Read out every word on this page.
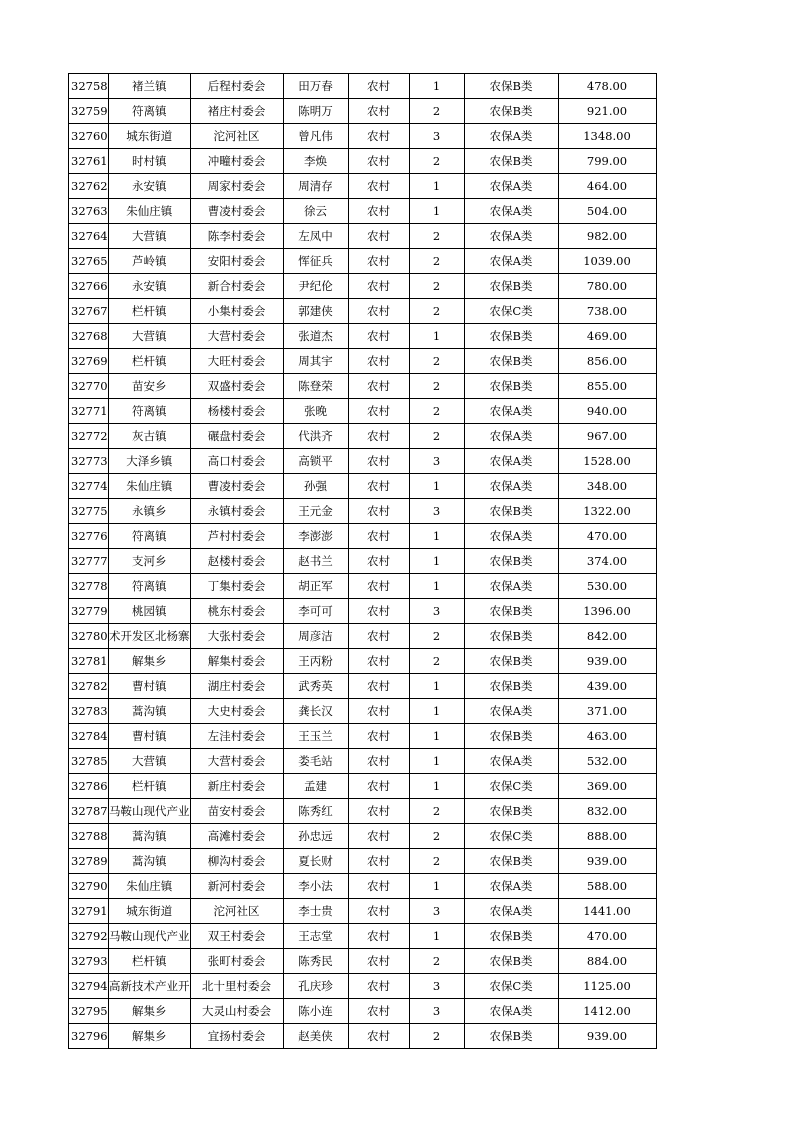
32758	褚兰镇	后程村委会	田万春	农村	1	农保B类	478.00
32759	符离镇	褚庄村委会	陈明万	农村	2	农保B类	921.00
32760	城东街道	沱河社区	曾凡伟	农村	3	农保A类	1348.00
32761	时村镇	冲疃村委会	李焕	农村	2	农保B类	799.00
32762	永安镇	周家村委会	周清存	农村	1	农保A类	464.00
32763	朱仙庄镇	曹凌村委会	徐云	农村	1	农保A类	504.00
32764	大营镇	陈李村委会	左凤中	农村	2	农保A类	982.00
32765	芦岭镇	安阳村委会	恽征兵	农村	2	农保A类	1039.00
32766	永安镇	新合村委会	尹纪伦	农村	2	农保B类	780.00
32767	栏杆镇	小集村委会	郭建侠	农村	2	农保C类	738.00
32768	大营镇	大营村委会	张道杰	农村	1	农保B类	469.00
32769	栏杆镇	大旺村委会	周其宇	农村	2	农保B类	856.00
32770	苗安乡	双盛村委会	陈登荣	农村	2	农保B类	855.00
32771	符离镇	杨楼村委会	张晚	农村	2	农保A类	940.00
32772	灰古镇	碾盘村委会	代洪齐	农村	2	农保A类	967.00
32773	大泽乡镇	高口村委会	高锁平	农村	3	农保A类	1528.00
32774	朱仙庄镇	曹凌村委会	孙强	农村	1	农保A类	348.00
32775	永镇乡	永镇村委会	王元金	农村	3	农保B类	1322.00
32776	符离镇	芦村村委会	李澎澎	农村	1	农保A类	470.00
32777	支河乡	赵楼村委会	赵书兰	农村	1	农保B类	374.00
32778	符离镇	丁集村委会	胡正军	农村	1	农保A类	530.00
32779	桃园镇	桃东村委会	李可可	农村	3	农保B类	1396.00
32780	术开发区北杨寨	大张村委会	周彦洁	农村	2	农保B类	842.00
32781	解集乡	解集村委会	王丙粉	农村	2	农保B类	939.00
32782	曹村镇	湖庄村委会	武秀英	农村	1	农保B类	439.00
32783	蒿沟镇	大史村委会	龚长汉	农村	1	农保A类	371.00
32784	曹村镇	左洼村委会	王玉兰	农村	1	农保B类	463.00
32785	大营镇	大营村委会	娄毛站	农村	1	农保A类	532.00
32786	栏杆镇	新庄村委会	孟建	农村	1	农保C类	369.00
32787	马鞍山现代产业	苗安村委会	陈秀红	农村	2	农保B类	832.00
32788	蒿沟镇	高滩村委会	孙忠远	农村	2	农保C类	888.00
32789	蒿沟镇	柳沟村委会	夏长财	农村	2	农保B类	939.00
32790	朱仙庄镇	新河村委会	李小法	农村	1	农保A类	588.00
32791	城东街道	沱河社区	李士贵	农村	3	农保A类	1441.00
32792	马鞍山现代产业	双王村委会	王志堂	农村	1	农保B类	470.00
32793	栏杆镇	张町村委会	陈秀民	农村	2	农保B类	884.00
32794	高新技术产业开	北十里村委会	孔庆珍	农村	3	农保C类	1125.00
32795	解集乡	大灵山村委会	陈小连	农村	3	农保A类	1412.00
32796	解集乡	宜扬村委会	赵美侠	农村	2	农保B类	939.00
